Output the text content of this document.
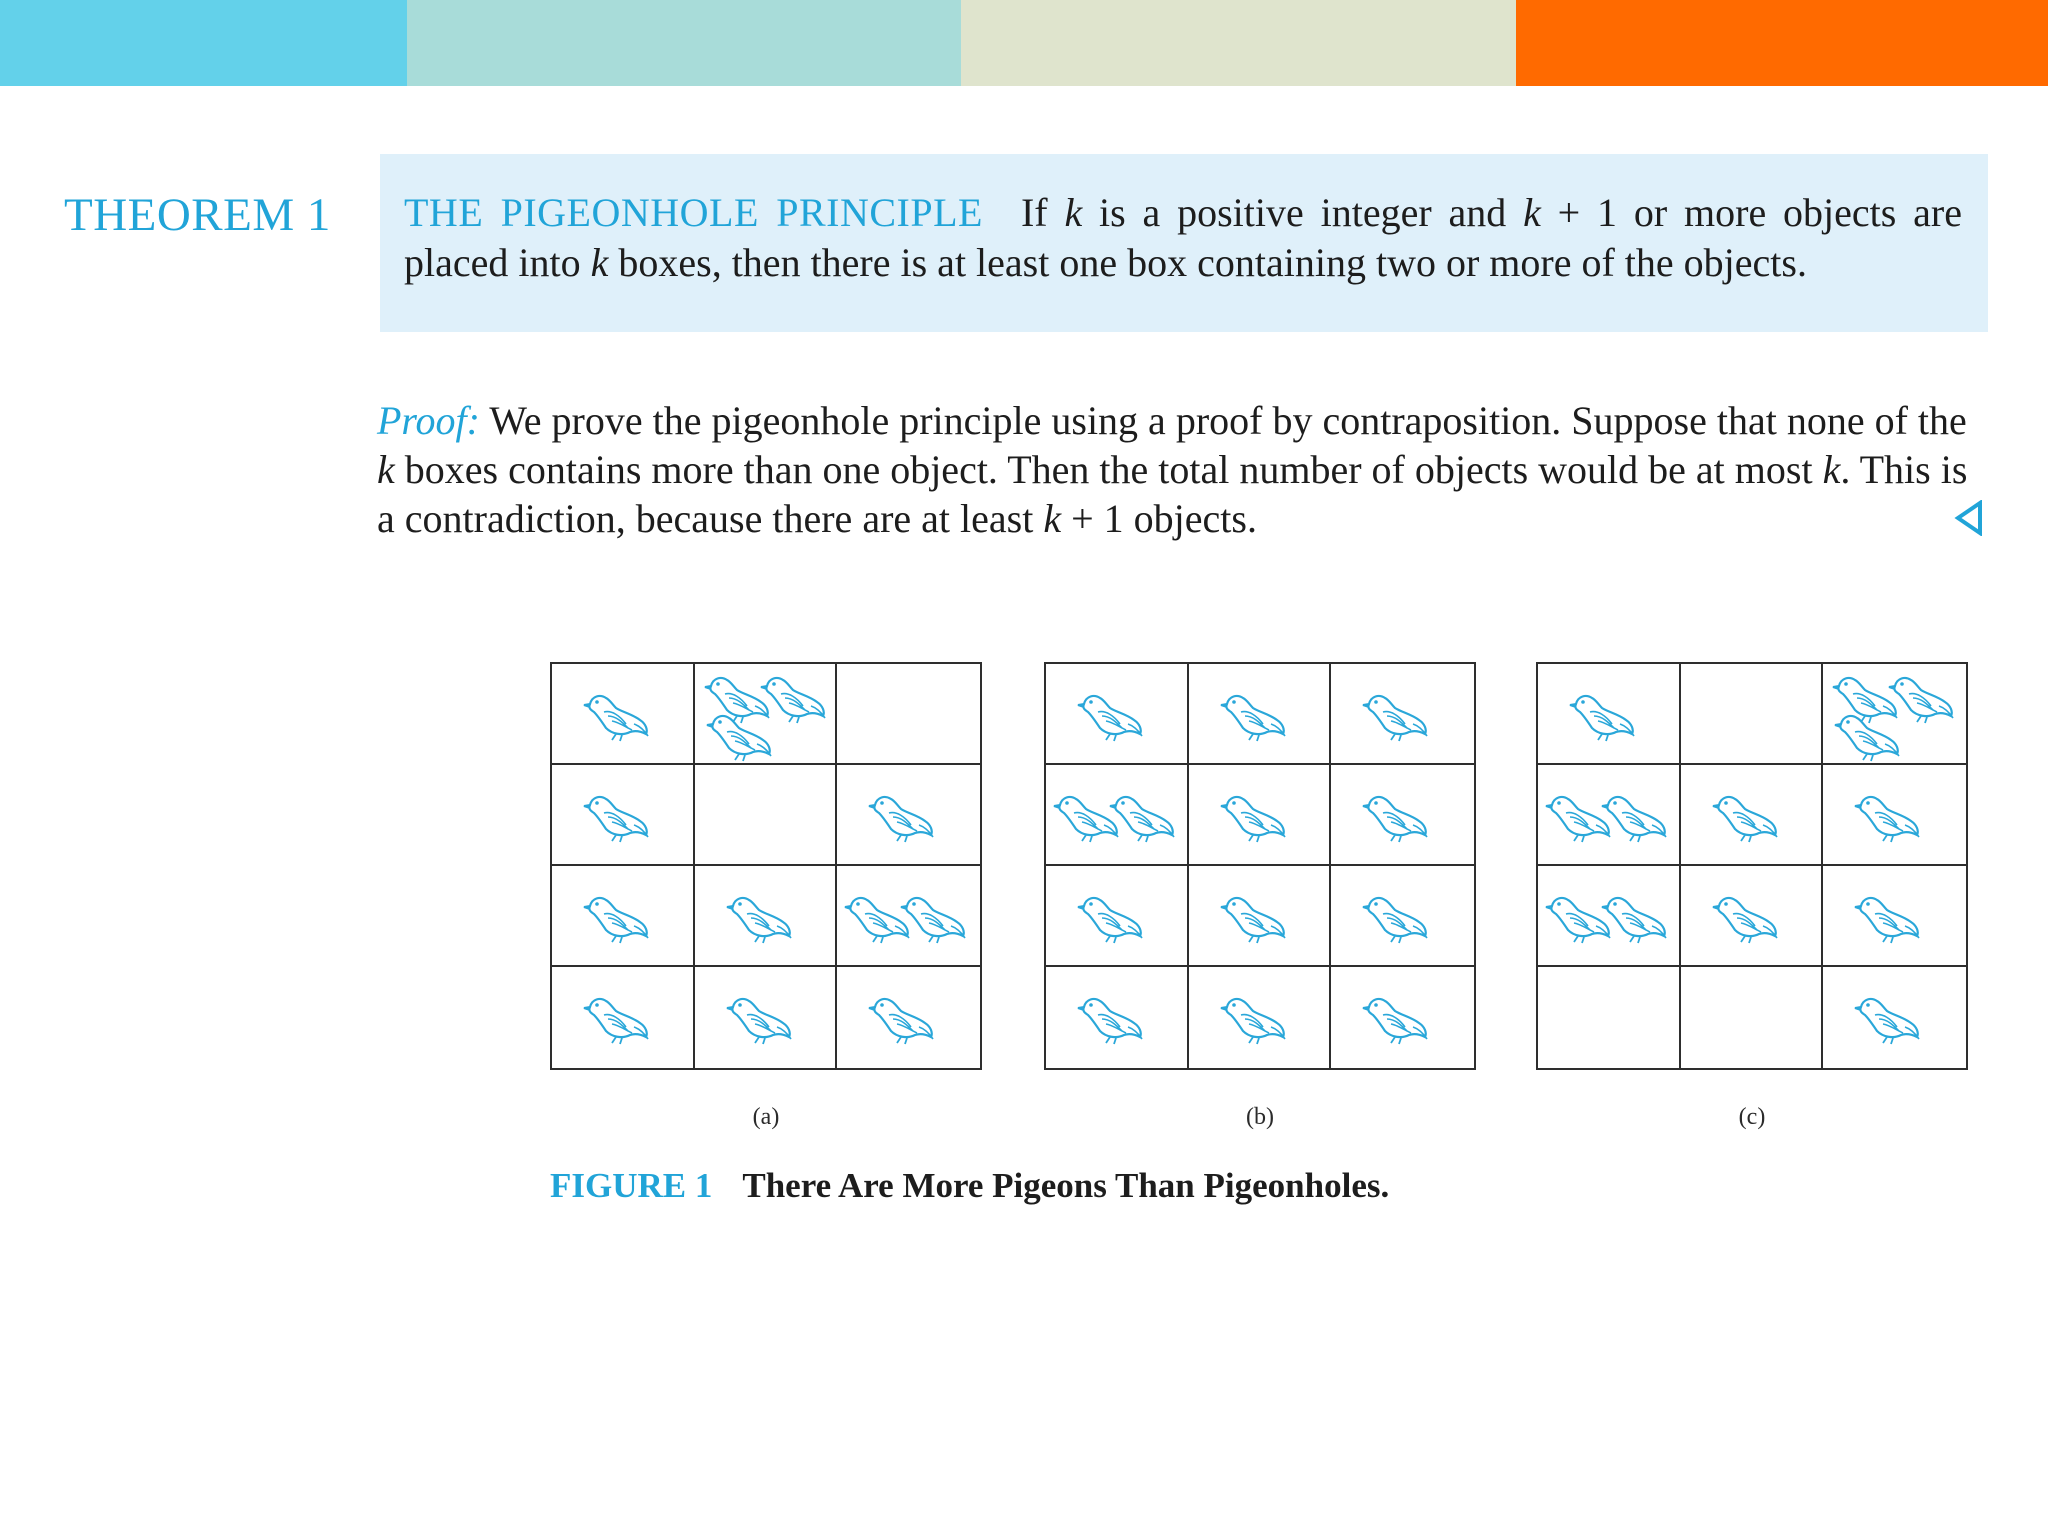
THEOREM 1 THE PIGEONHOLE PRINCIPLE If k is a positive integer and k + 1 or more objects are placed into k boxes, then there is at least one box containing two or more of the objects.

Proof: We prove the pigeonhole principle using a proof by contraposition. Suppose that none of the k boxes contains more than one object. Then the total number of objects would be at most k. This is a contradiction, because there are at least k + 1 objects.

(a)	(b)	(c)
FIGURE 1 There Are More Pigeons Than Pigeonholes.
